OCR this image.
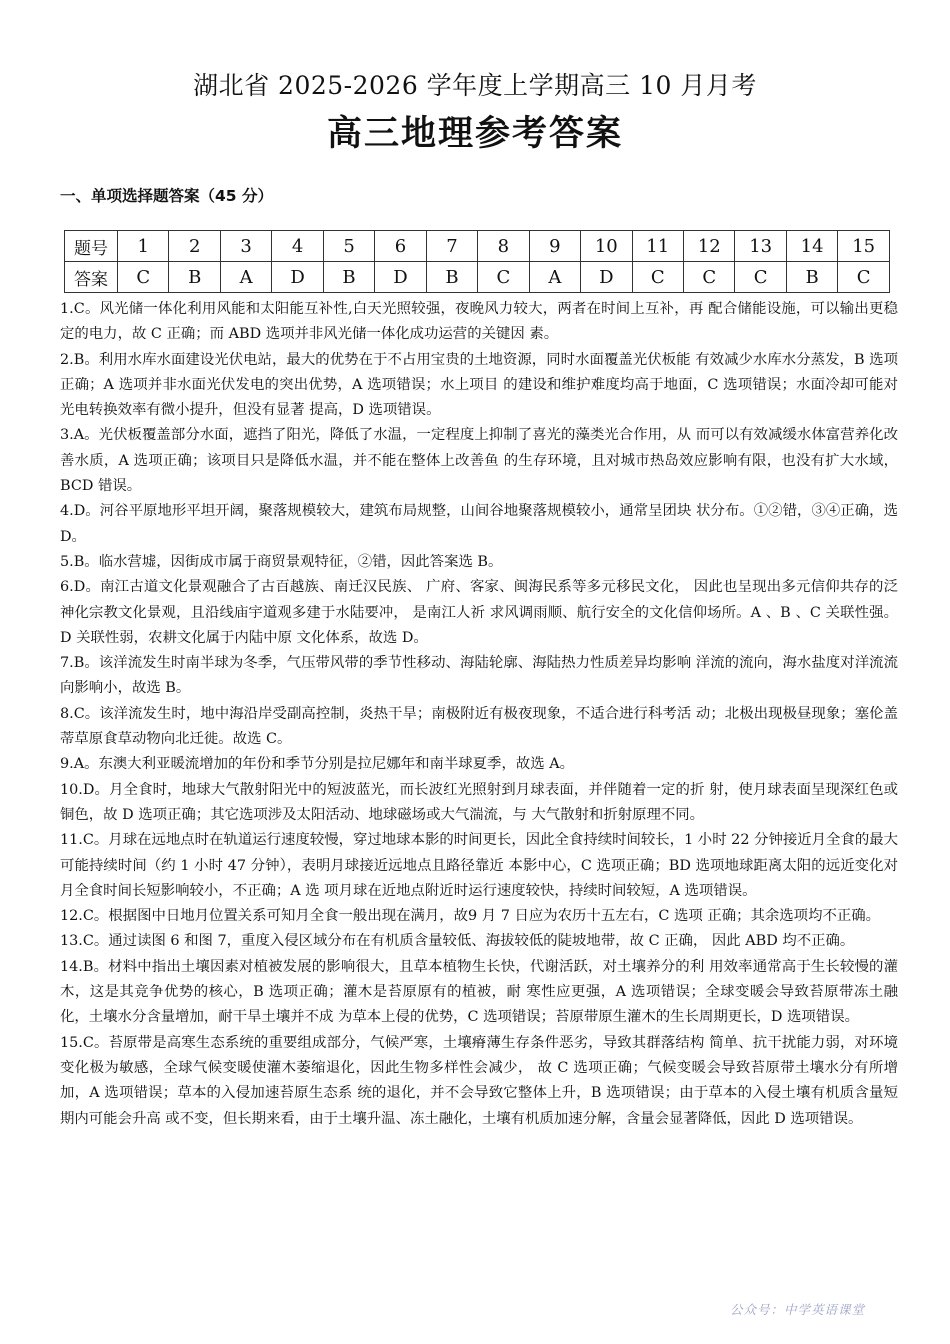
湖北省 2025-2026 学年度上学期高三 10 月月考
高三地理参考答案
一、单项选择题答案（45 分）
题号	1	2	3	4	5	6	7	8	9	10	11	12	13	14	15
答案	C	B	A	D	B	D	B	C	A	D	C	C	C	B	C

1.C。风光储一体化利用风能和太阳能互补性,白天光照较强，夜晚风力较大，两者在时间上互补，再 配合储能设施，可以输出更稳定的电力，故 C 正确；而 ABD 选项并非风光储一体化成功运营的关键因 素。

2.B。利用水库水面建设光伏电站，最大的优势在于不占用宝贵的土地资源，同时水面覆盖光伏板能 有效减少水库水分蒸发，B 选项正确；A 选项并非水面光伏发电的突出优势，A 选项错误；水上项目 的建设和维护难度均高于地面，C 选项错误；水面冷却可能对光电转换效率有微小提升，但没有显著 提高，D 选项错误。

3.A。光伏板覆盖部分水面，遮挡了阳光，降低了水温，一定程度上抑制了喜光的藻类光合作用，从 而可以有效减缓水体富营养化改善水质，A 选项正确；该项目只是降低水温，并不能在整体上改善鱼 的生存环境，且对城市热岛效应影响有限，也没有扩大水域，BCD 错误。

4.D。河谷平原地形平坦开阔，聚落规模较大，建筑布局规整，山间谷地聚落规模较小，通常呈团块 状分布。①②错，③④正确，选 D。

5.B。临水营墟，因街成市属于商贸景观特征，②错，因此答案选 B。

6.D。南江古道文化景观融合了古百越族、南迁汉民族、 广府、客家、闽海民系等多元移民文化， 因此也呈现出多元信仰共存的泛神化宗教文化景观，且沿线庙宇道观多建于水陆要冲， 是南江人祈 求风调雨顺、航行安全的文化信仰场所。A 、B 、C 关联性强。D 关联性弱，农耕文化属于内陆中原 文化体系，故选 D。

7.B。该洋流发生时南半球为冬季，气压带风带的季节性移动、海陆轮廓、海陆热力性质差异均影响 洋流的流向，海水盐度对洋流流向影响小，故选 B。

8.C。该洋流发生时，地中海沿岸受副高控制，炎热干旱；南极附近有极夜现象，不适合进行科考活 动；北极出现极昼现象；塞伦盖蒂草原食草动物向北迁徙。故选 C。

9.A。东澳大利亚暖流增加的年份和季节分别是拉尼娜年和南半球夏季，故选 A。

10.D。月全食时，地球大气散射阳光中的短波蓝光，而长波红光照射到月球表面，并伴随着一定的折 射，使月球表面呈现深红色或铜色，故 D 选项正确；其它选项涉及太阳活动、地球磁场或大气湍流，与 大气散射和折射原理不同。

11.C。月球在远地点时在轨道运行速度较慢，穿过地球本影的时间更长，因此全食持续时间较长，1 小时 22 分钟接近月全食的最大可能持续时间（约 1 小时 47 分钟），表明月球接近远地点且路径靠近 本影中心，C 选项正确；BD 选项地球距离太阳的远近变化对月全食时间长短影响较小，不正确；A 选 项月球在近地点附近时运行速度较快，持续时间较短，A 选项错误。

12.C。根据图中日地月位置关系可知月全食一般出现在满月，故9 月 7 日应为农历十五左右，C 选项 正确；其余选项均不正确。

13.C。通过读图 6 和图 7，重度入侵区域分布在有机质含量较低、海拔较低的陡坡地带，故 C 正确， 因此 ABD 均不正确。

14.B。材料中指出土壤因素对植被发展的影响很大，且草本植物生长快，代谢活跃，对土壤养分的利 用效率通常高于生长较慢的灌木，这是其竞争优势的核心，B 选项正确；灌木是苔原原有的植被，耐 寒性应更强，A 选项错误；全球变暖会导致苔原带冻土融化，土壤水分含量增加，耐干旱土壤并不成 为草本上侵的优势，C 选项错误；苔原带原生灌木的生长周期更长，D 选项错误。

15.C。苔原带是高寒生态系统的重要组成部分，气候严寒，土壤瘠薄生存条件恶劣，导致其群落结构 简单、抗干扰能力弱，对环境变化极为敏感，全球气候变暖使灌木萎缩退化，因此生物多样性会减少， 故 C 选项正确；气候变暖会导致苔原带土壤水分有所增加，A 选项错误；草本的入侵加速苔原生态系 统的退化，并不会导致它整体上升，B 选项错误；由于草本的入侵土壤有机质含量短期内可能会升高 或不变，但长期来看，由于土壤升温、冻土融化，土壤有机质加速分解，含量会显著降低，因此 D 选项错误。

公众号：中学英语课堂
